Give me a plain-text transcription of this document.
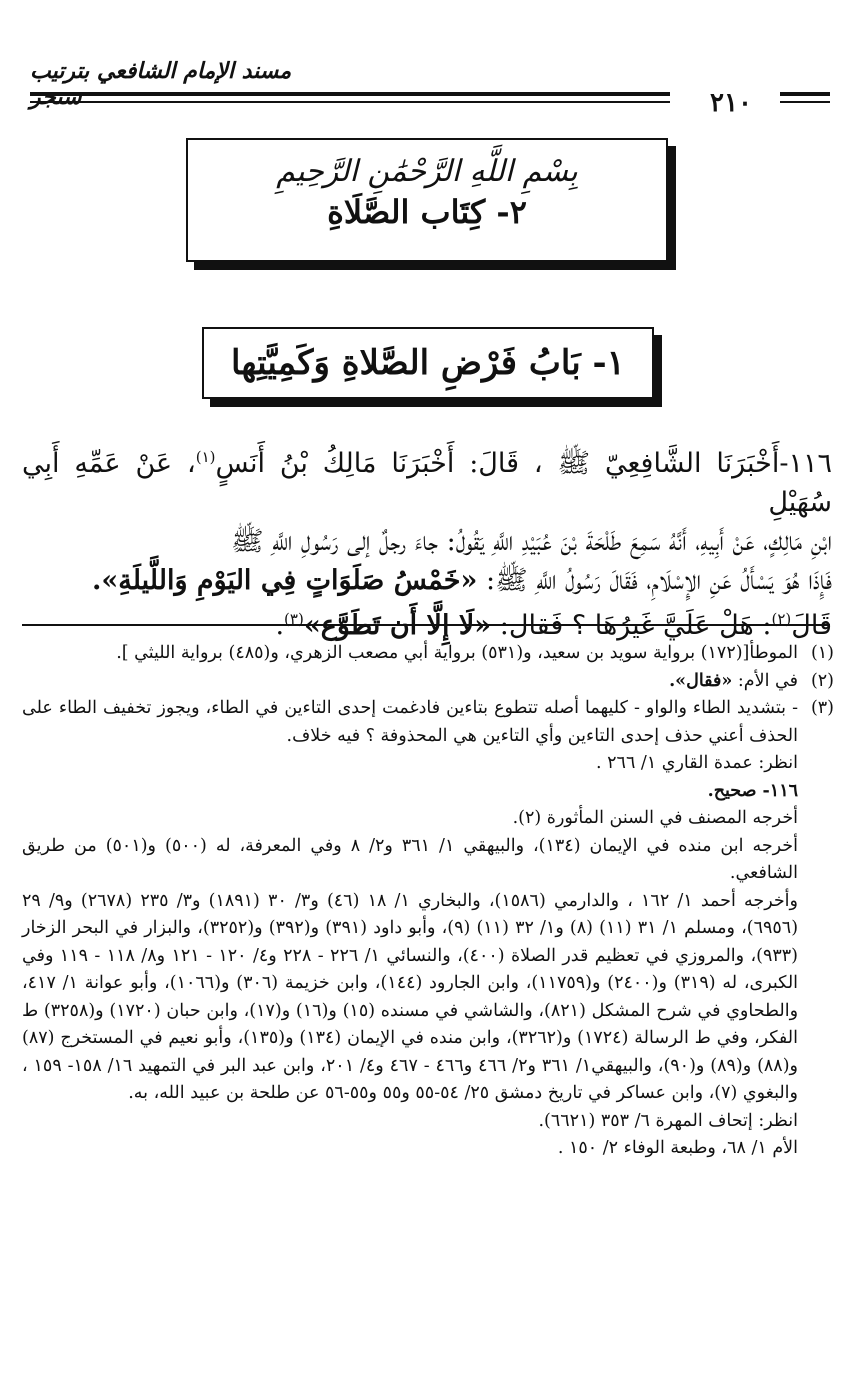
مسند الإمام الشافعي بترتيب سنجر	٢١٠
بِسْمِ اللَّهِ الرَّحْمَٰنِ الرَّحِيمِ
٢- كِتَاب الصَّلَاةِ
١- بَابُ فَرْضِ الصَّلاةِ وَكَمِيَّتِها

١١٦-أَخْبَرَنَا الشَّافِعِيّ ﷺ ، قَالَ: أَخْبَرَنَا مَالِكُ بْنُ أَنَسٍ$^{(١)}$، عَنْ عَمِّهِ أَبِي سُهَيْلِ

ابْنِ مَالِكٍ، عَنْ أَبِيهِ، أَنَّهُ سَمِعَ طَلْحَةَ بْنَ عُبَيْدِ اللَّهِ يَقُولُ: جاءَ رجلٌ إلى رَسُولِ اللَّهِ ﷺ

فَإِذَا هُوَ يَسْأَلُ عَنِ الإِسْلَامِ، فَقَالَ رَسُولُ اللَّهِ ﷺ: «خَمْسُ صَلَوَاتٍ فِي اليَوْمِ وَاللَّيلَةِ».

قَالَ$^{(٢)}$: هَلْ عَلَيَّ غَيرُهَا ؟ فَقال: «لَا إِلَّا أَن تَطَوَّع»$^{(٣)}$.

(١)الموطأ[(١٧٢) برواية سويد بن سعيد، و(٥٣١) برواية أبي مصعب الزهري، و(٤٨٥) برواية الليثي ].

(٢)في الأم: «فقال».

(٣)- بتشديد الطاء والواو - كليهما أصله تتطوع بتاءين فادغمت إحدى التاءين في الطاء، ويجوز تخفيف الطاء على الحذف أعني حذف إحدى التاءين وأي التاءين هي المحذوفة ؟ فيه خلاف.

انظر: عمدة القاري ١/ ٢٦٦ .

١١٦- صحيح.

أخرجه المصنف في السنن المأثورة (٢).

أخرجه ابن منده في الإيمان (١٣٤)، والبيهقي ١/ ٣٦١ و٢/ ٨ وفي المعرفة، له (٥٠٠) و(٥٠١) من طريق الشافعي.

وأخرجه أحمد ١/ ١٦٢ ، والدارمي (١٥٨٦)، والبخاري ١/ ١٨ (٤٦) و٣/ ٣٠ (١٨٩١) و٣/ ٢٣٥ (٢٦٧٨) و٩/ ٢٩ (٦٩٥٦)، ومسلم ١/ ٣١ (١١) (٨) و١/ ٣٢ (١١) (٩)، وأبو داود (٣٩١) و(٣٩٢) و(٣٢٥٢)، والبزار في البحر الزخار (٩٣٣)، والمروزي في تعظيم قدر الصلاة (٤٠٠)، والنسائي ١/ ٢٢٦ - ٢٢٨ و٤/ ١٢٠ - ١٢١ و٨/ ١١٨ - ١١٩ وفي الكبرى، له (٣١٩) و(٢٤٠٠) و(١١٧٥٩)، وابن الجارود (١٤٤)، وابن خزيمة (٣٠٦) و(١٠٦٦)، وأبو عوانة ١/ ٤١٧، والطحاوي في شرح المشكل (٨٢١)، والشاشي في مسنده (١٥) و(١٦) و(١٧)، وابن حبان (١٧٢٠) و(٣٢٥٨) ط الفكر، وفي ط الرسالة (١٧٢٤) و(٣٢٦٢)، وابن منده في الإيمان (١٣٤) و(١٣٥)، وأبو نعيم في المستخرج (٨٧) و(٨٨) و(٨٩) و(٩٠)، والبيهقي١/ ٣٦١ و٢/ ٤٦٦ و٤٦٦ - ٤٦٧ و٤/ ٢٠١، وابن عبد البر في التمهيد ١٦/ ١٥٨- ١٥٩ ، والبغوي (٧)، وابن عساكر في تاريخ دمشق ٢٥/ ٥٤-٥٥ و٥٥ و٥٥-٥٦ عن طلحة بن عبيد الله، به.

انظر: إتحاف المهرة ٦/ ٣٥٣ (٦٦٢١).

الأم ١/ ٦٨، وطبعة الوفاء ٢/ ١٥٠ .
